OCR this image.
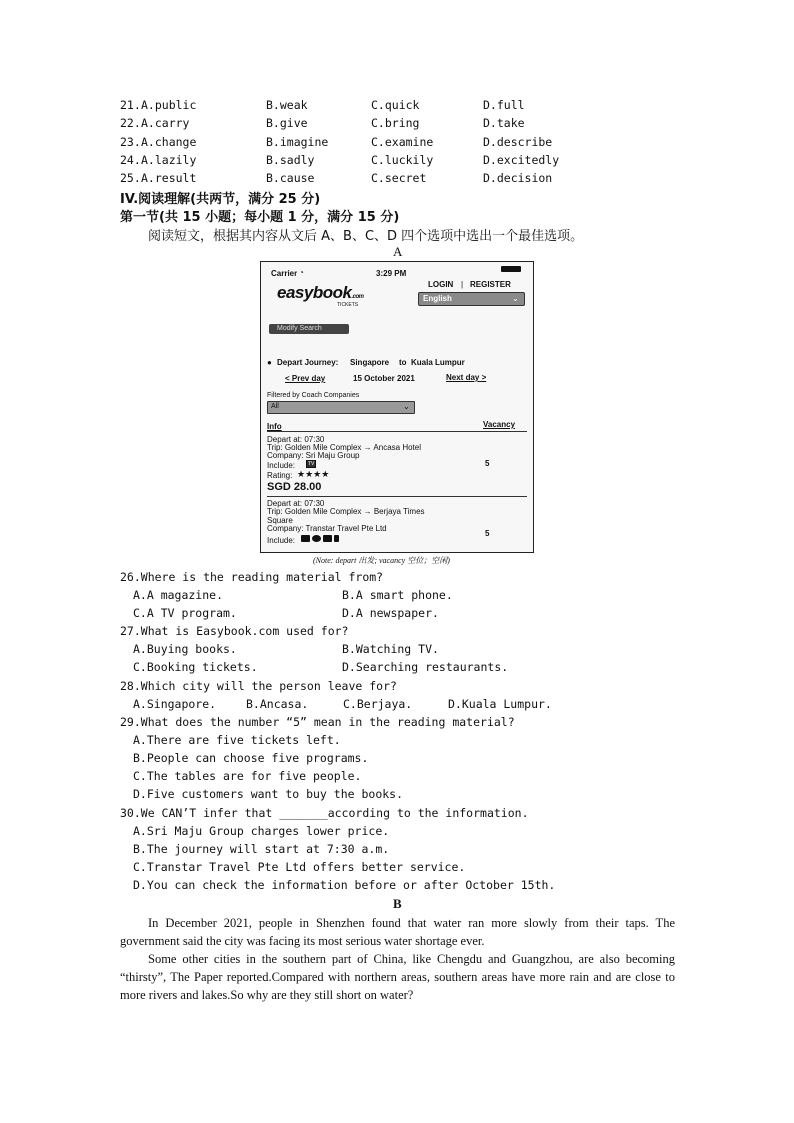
21. A.public	B.weak	C.quick	D.full
22. A.carry	B.give	C.bring	D.take
23. A.change	B.imagine	C.examine	D.describe
24. A.lazily	B.sadly	C.luckily	D.excitedly
25. A.result	B.cause	C.secret	D.decision
IV.阅读理解(共两节，满分 25 分)
第一节(共 15 小题；每小题 1 分，满分 15 分)
阅读短文，根据其内容从文后 A、B、C、D 四个选项中选出一个最佳选项。
A
Carrier ◔	3:29 PM
LOGIN | REGISTER
easybook.com
TICKETS
English	⌄
Modify Search
● Depart Journey: Singapore to Kuala Lumpur
< Prev day	15 October 2021	Next day >
Filtered by Coach Companies
All	⌄
Info	Vacancy
Depart at: 07:30
Trip: Golden Mile Complex → Ancasa Hotel
Company: Sri Maju Group
Include:	TV
Rating: ★★★★
SGD 28.00
5
Depart at: 07:30
Trip: Golden Mile Complex → Berjaya Times
Square
Company: Transtar Travel Pte Ltd
Include:
5
(Note: depart 出发; vacancy 空位；空闲)
26.Where is the reading material from?
A.A magazine.	B.A smart phone.
C.A TV program.	D.A newspaper.
27.What is Easybook.com used for?
A.Buying books.	B.Watching TV.
C.Booking tickets.	D.Searching restaurants.
28.Which city will the person leave for?
A.Singapore.	B.Ancasa.	C.Berjaya.	D.Kuala Lumpur.
29.What does the number “5” mean in the reading material?
A.There are five tickets left.
B.People can choose five programs.
C.The tables are for five people.
D.Five customers want to buy the books.
30.We CAN’T infer that _______according to the information.
A.Sri Maju Group charges lower price.
B.The journey will start at 7:30 a.m.
C.Transtar Travel Pte Ltd offers better service.
D.You can check the information before or after October 15th.
B
In December 2021, people in Shenzhen found that water ran more slowly from their taps. The government said the city was facing its most serious water shortage ever.
Some other cities in the southern part of China, like Chengdu and Guangzhou, are also becoming “thirsty”, The Paper reported.Compared with northern areas, southern areas have more rain and are close to more rivers and lakes.So why are they still short on water?
